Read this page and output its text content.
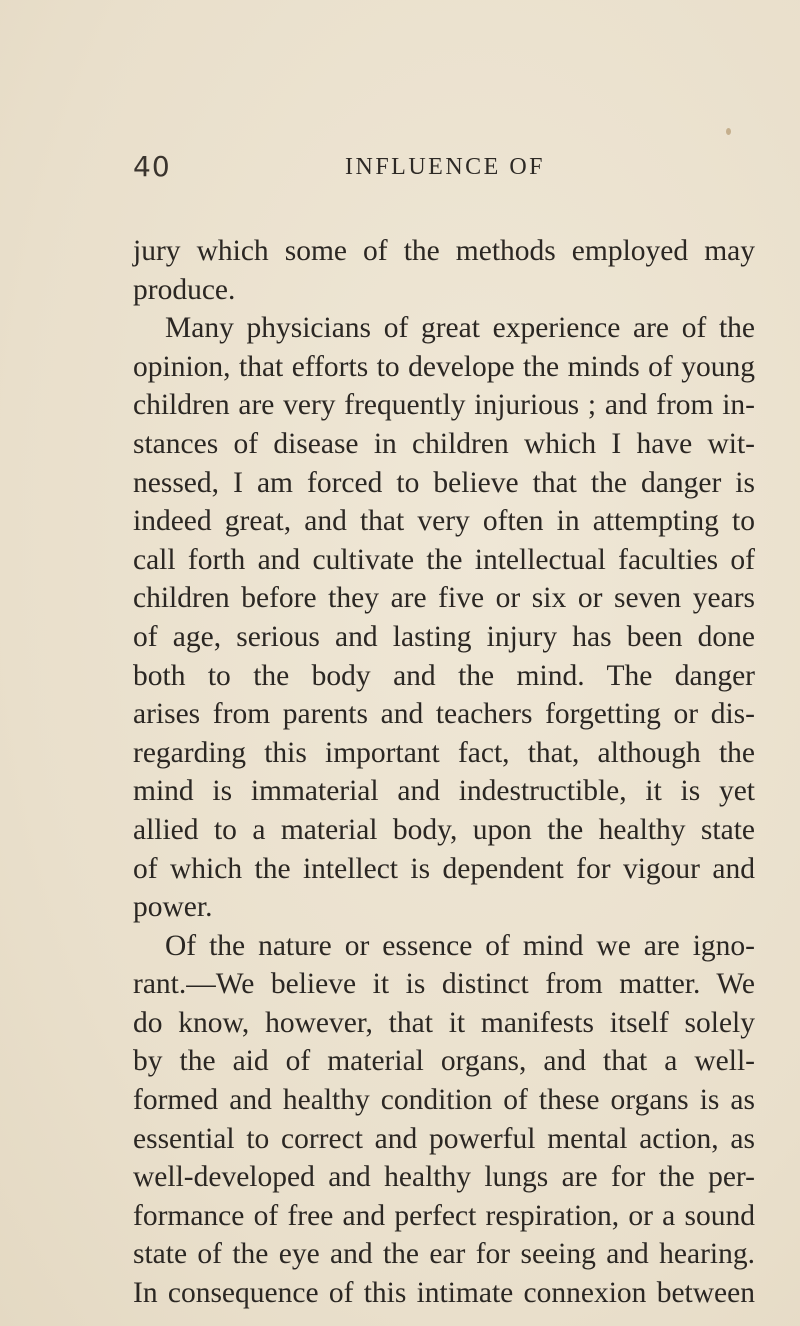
40	INFLUENCE OF
jury which some of the methods employed may
produce.
Many physicians of great experience are of the
opinion, that efforts to develope the minds of young
children are very frequently injurious ; and from in-
stances of disease in children which I have wit-
nessed, I am forced to believe that the danger is
indeed great, and that very often in attempting to
call forth and cultivate the intellectual faculties of
children before they are five or six or seven years
of age, serious and lasting injury has been done
both to the body and the mind. The danger
arises from parents and teachers forgetting or dis-
regarding this important fact, that, although the
mind is immaterial and indestructible, it is yet
allied to a material body, upon the healthy state
of which the intellect is dependent for vigour and
power.
Of the nature or essence of mind we are igno-
rant.—We believe it is distinct from matter. We
do know, however, that it manifests itself solely
by the aid of material organs, and that a well-
formed and healthy condition of these organs is as
essential to correct and powerful mental action, as
well-developed and healthy lungs are for the per-
formance of free and perfect respiration, or a sound
state of the eye and the ear for seeing and hearing.
In consequence of this intimate connexion between
